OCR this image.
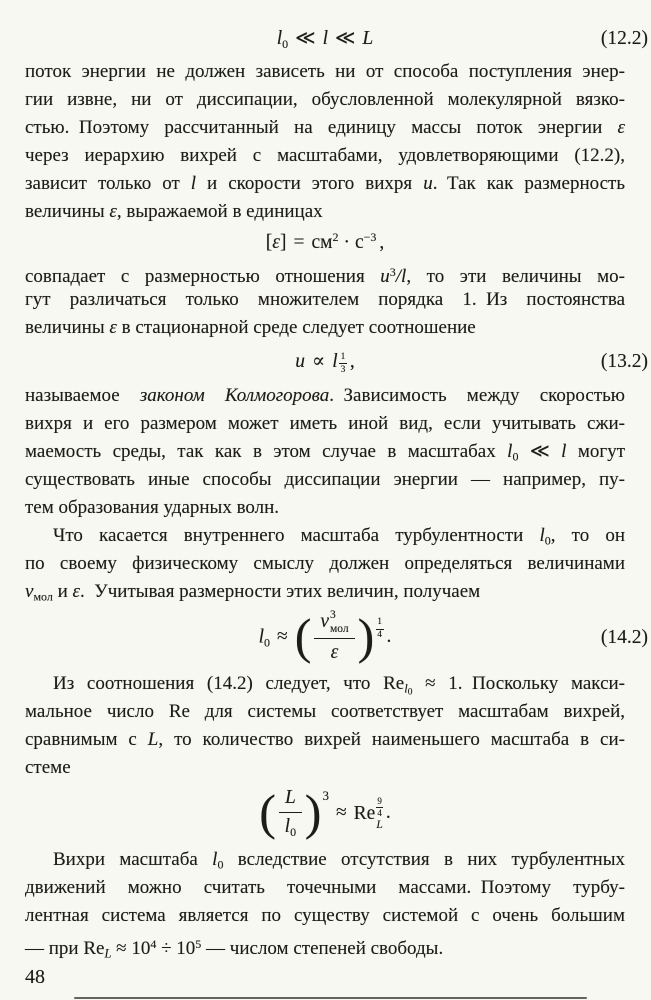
$l_0$ ≪ l ≪ L	(12.2)
поток энергии не должен зависеть ни от способа поступления энер-
гии извне, ни от диссипации, обусловленной молекулярной вязко-
стью. Поэтому рассчитанный на единицу массы поток энергии ε
через иерархию вихрей с масштабами, удовлетворяющими (12.2),
зависит только от l и скорости этого вихря u. Так как размерность
величины ε, выражаемой в единицах
$[\varepsilon] = см^2 \cdot с^{-3}$ ,
совпадает с размерностью отношения $u^3/l$, то эти величины мо-
гут различаться только множителем порядка 1. Из постоянства
величины ε в стационарной среде следует соотношение
u ∝ l $\frac{1}{3}$ ,	(13.2)
называемое законом Колмогорова. Зависимость между скоростью
вихря и его размером может иметь иной вид, если учитывать сжи-
маемость среды, так как в этом случае в масштабах l0 ≪ l могут
существовать иные способы диссипации энергии — например, пу-
тем образования ударных волн.
Что касается внутреннего масштаба турбулентности l0, то он
по своему физическому смыслу должен определяться величинами
νмол и ε. Учитывая размерности этих величин, получаем
$l_0$ ≈ ( v 3
мол
ε ) $\frac{1}{4}$ .	(14.2)
Из соотношения (14.2) следует, что Rel$_0$ ≈ 1. Поскольку макси-
мальное число Re для системы соответствует масштабам вихрей,
сравнимым с L, то количество вихрей наименьшего масштаба в си-
стеме
( $\frac{L}{l_0} )^3\approx Re$
9
4
L
.
Вихри масштаба l0 вследствие отсутствия в них турбулентных
движений можно считать точечными массами. Поэтому турбу-
лентная система является по существу системой с очень большим
— при ReL ≈ $10^4 \div 10^5$ — числом степеней свободы.
48
